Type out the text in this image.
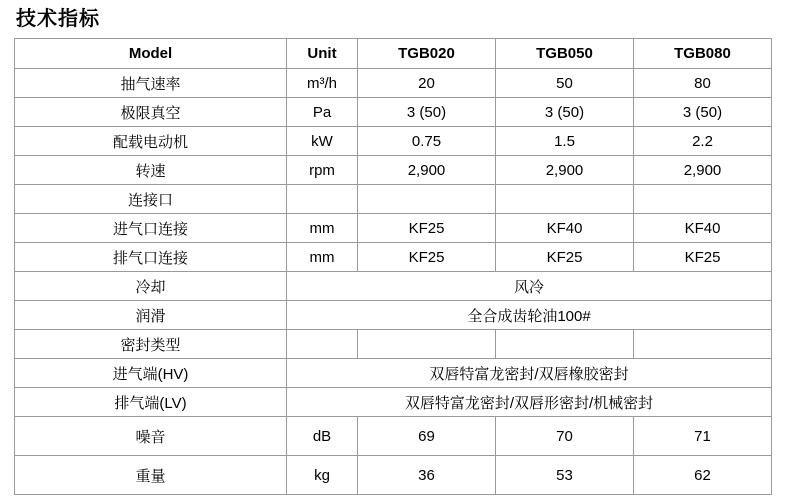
技术指标
Model	Unit	TGB020	TGB050	TGB080
抽气速率	m³/h	20	50	80
极限真空	Pa	3 (50)	3 (50)	3 (50)
配载电动机	kW	0.75	1.5	2.2
转速	rpm	2,900	2,900	2,900
连接口				
进气口连接	mm	KF25	KF40	KF40
排气口连接	mm	KF25	KF25	KF25
冷却	风冷			
润滑	全合成齿轮油100#			
密封类型				
进气端(HV)	双唇特富龙密封/双唇橡胶密封			
排气端(LV)	双唇特富龙密封/双唇形密封/机械密封			
噪音	dB	69	70	71
重量	kg	36	53	62
